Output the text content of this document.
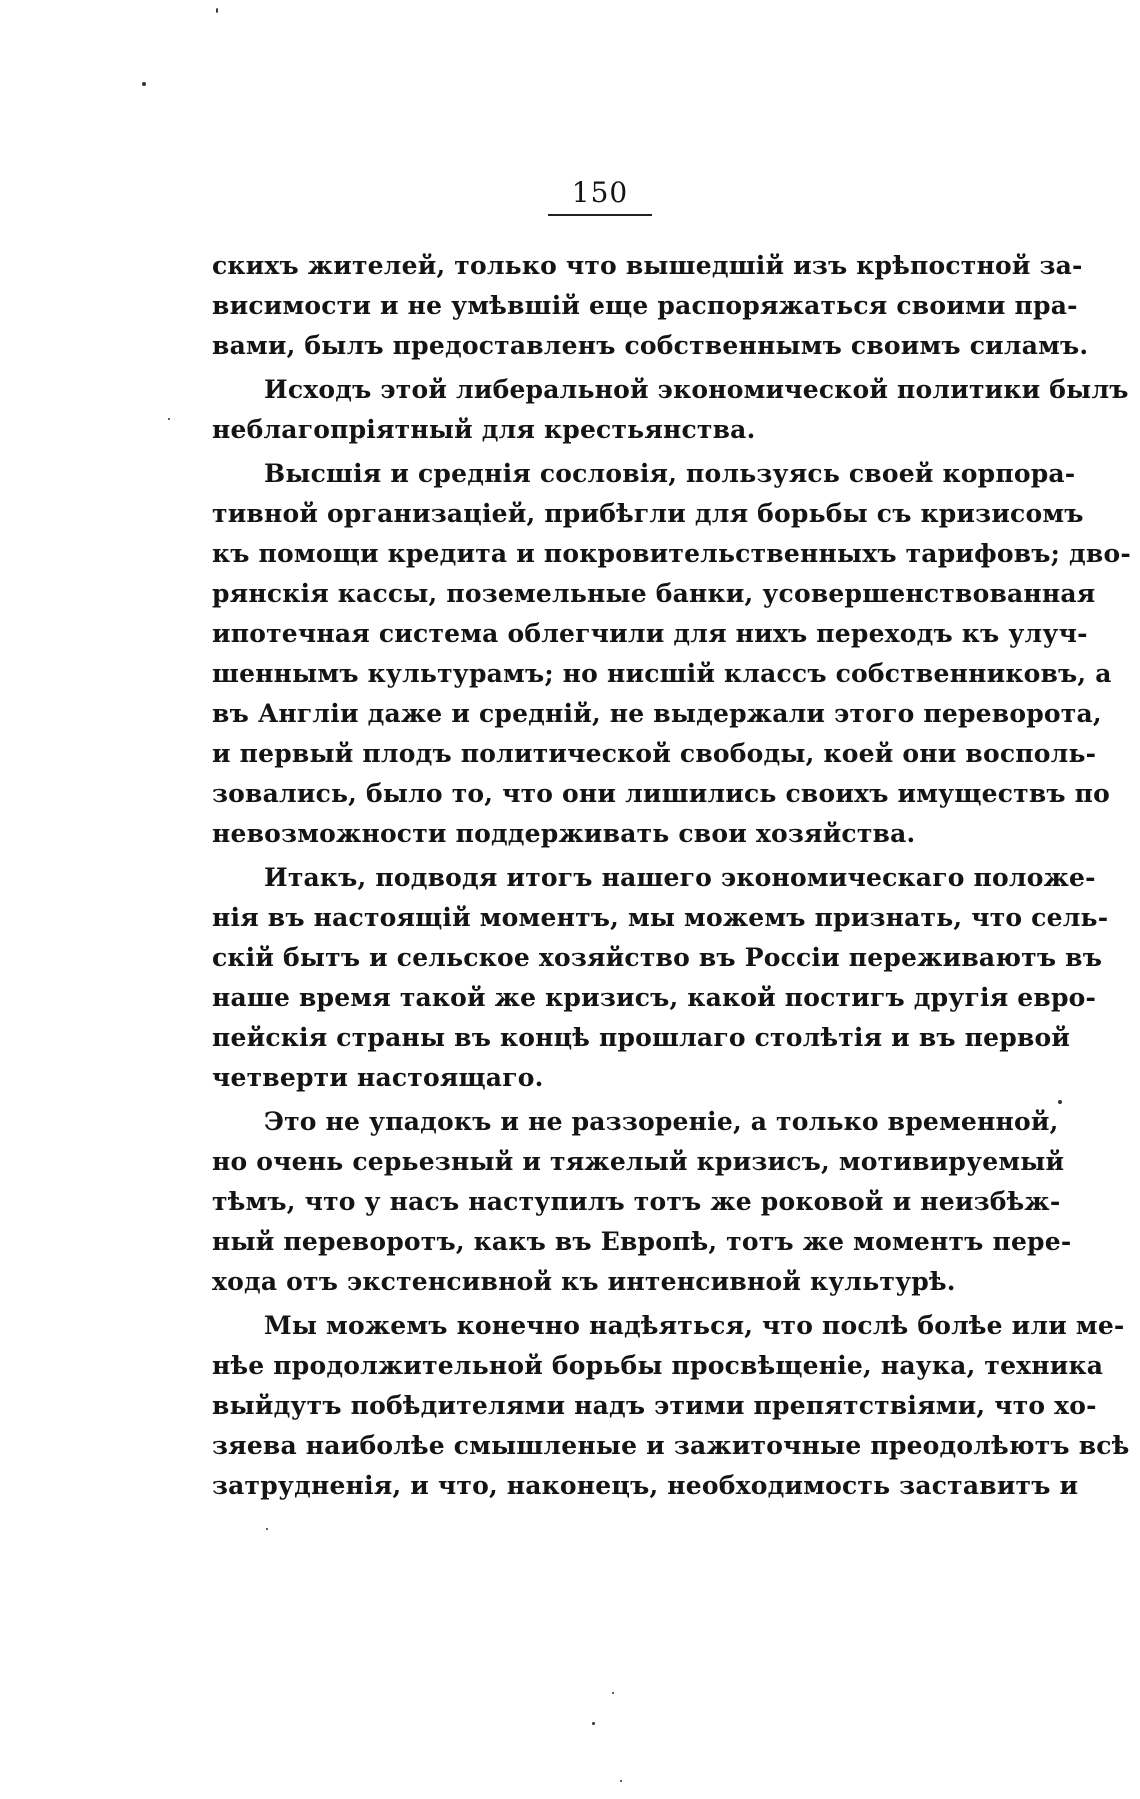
150
скихъ жителей, только что вышедшій изъ крѣпостной за-
висимости и не умѣвшій еще распоряжаться своими пра-
вами, былъ предоставленъ собственнымъ своимъ силамъ.
Исходъ этой либеральной экономической политики былъ
неблагопріятный для крестьянства.
Высшія и среднія сословія, пользуясь своей корпора-
тивной организаціей, прибѣгли для борьбы съ кризисомъ
къ помощи кредита и покровительственныхъ тарифовъ; дво-
рянскія кассы, поземельные банки, усовершенствованная
ипотечная система облегчили для нихъ переходъ къ улуч-
шеннымъ культурамъ; но нисшій классъ собственниковъ, а
въ Англіи даже и средній, не выдержали этого переворота,
и первый плодъ политической свободы, коей они восполь-
зовались, было то, что они лишились своихъ имуществъ по
невозможности поддерживать свои хозяйства.
Итакъ, подводя итогъ нашего экономическаго положе-
нія въ настоящій моментъ, мы можемъ признать, что сель-
скій бытъ и сельское хозяйство въ Россіи переживаютъ въ
наше время такой же кризисъ, какой постигъ другія евро-
пейскія страны въ концѣ прошлаго столѣтія и въ первой
четверти настоящаго.
Это не упадокъ и не раззореніе, а только временной,
но очень серьезный и тяжелый кризисъ, мотивируемый
тѣмъ, что у насъ наступилъ тотъ же роковой и неизбѣж-
ный переворотъ, какъ въ Европѣ, тотъ же моментъ пере-
хода отъ экстенсивной къ интенсивной культурѣ.
Мы можемъ конечно надѣяться, что послѣ болѣе или ме-
нѣе продолжительной борьбы просвѣщеніе, наука, техника
выйдутъ побѣдителями надъ этими препятствіями, что хо-
зяева наиболѣе смышленые и зажиточные преодолѣютъ всѣ
затрудненія, и что, наконецъ, необходимость заставитъ и
